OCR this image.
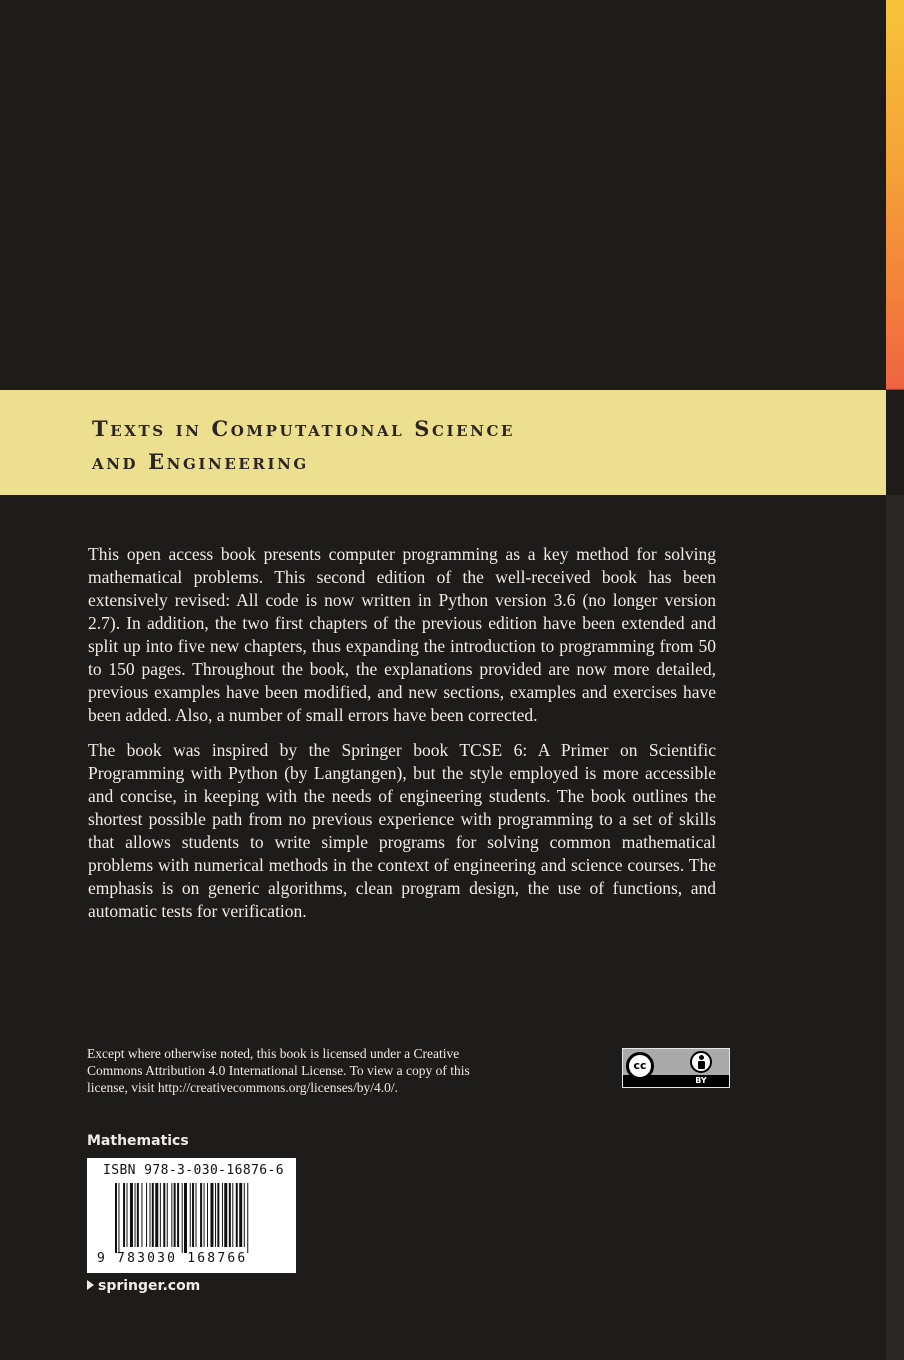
Texts in Computational Science
and Engineering

This open access book presents computer programming as a key method for solving mathematical problems. This second edition of the well-received book has been extensively revised: All code is now written in Python version 3.6 (no longer version 2.7). In addition, the two first chapters of the previous edition have been extended and split up into five new chapters, thus expanding the introduction to programming from 50 to 150 pages. Throughout the book, the explanations provided are now more detailed, previous examples have been modified, and new sections, examples and exercises have been added. Also, a number of small errors have been corrected.

The book was inspired by the Springer book TCSE 6: A Primer on Scientific Programming with Python (by Langtangen), but the style employed is more accessible and concise, in keeping with the needs of engineering students. The book outlines the shortest possible path from no previous experience with programming to a set of skills that allows students to write simple programs for solving common mathematical problems with numerical methods in the context of engineering and science courses. The emphasis is on generic algorithms, clean program design, the use of functions, and automatic tests for verification.

Except where otherwise noted, this book is licensed under a Creative Commons Attribution 4.0 International License. To view a copy of this license, visit http://creativecommons.org/licenses/by/4.0/.

cc
BY
Mathematics
ISBN 978-3-030-16876-6
9 783030 168766
springer.com
